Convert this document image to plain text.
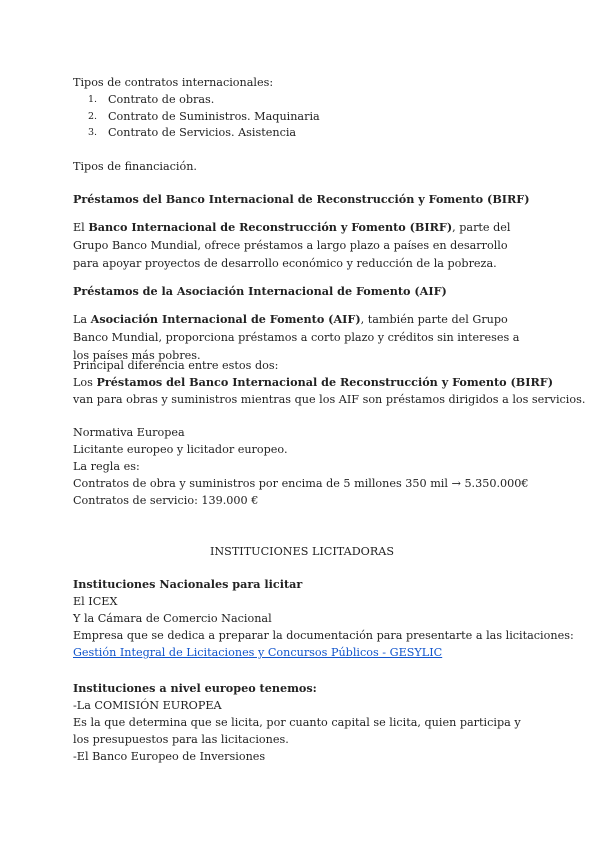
Tipos de contratos internacionales:
1. Contrato de obras.
2. Contrato de Suministros. Maquinaria
3. Contrato de Servicios. Asistencia
Tipos de financiación.
Préstamos del Banco Internacional de Reconstrucción y Fomento (BIRF)
El Banco Internacional de Reconstrucción y Fomento (BIRF), parte del Grupo Banco Mundial, ofrece préstamos a largo plazo a países en desarrollo para apoyar proyectos de desarrollo económico y reducción de la pobreza.
Préstamos de la Asociación Internacional de Fomento (AIF)
La Asociación Internacional de Fomento (AIF), también parte del Grupo Banco Mundial, proporciona préstamos a corto plazo y créditos sin intereses a los países más pobres.
Principal diferencia entre estos dos:
Los Préstamos del Banco Internacional de Reconstrucción y Fomento (BIRF)
van para obras y suministros mientras que los AIF son préstamos dirigidos a los servicios.
Normativa Europea
Licitante europeo y licitador europeo.
La regla es:
Contratos de obra y suministros por encima de 5 millones 350 mil → 5.350.000€
Contratos de servicio: 139.000 €
INSTITUCIONES LICITADORAS
Instituciones Nacionales para licitar
El ICEX
Y la Cámara de Comercio Nacional
Empresa que se dedica a preparar la documentación para presentarte a las licitaciones:
Gestión Integral de Licitaciones y Concursos Públicos - GESYLIC
Instituciones a nivel europeo tenemos:
-La COMISIÓN EUROPEA
Es la que determina que se licita, por cuanto capital se licita, quien participa y los presupuestos para las licitaciones.
-El Banco Europeo de Inversiones
